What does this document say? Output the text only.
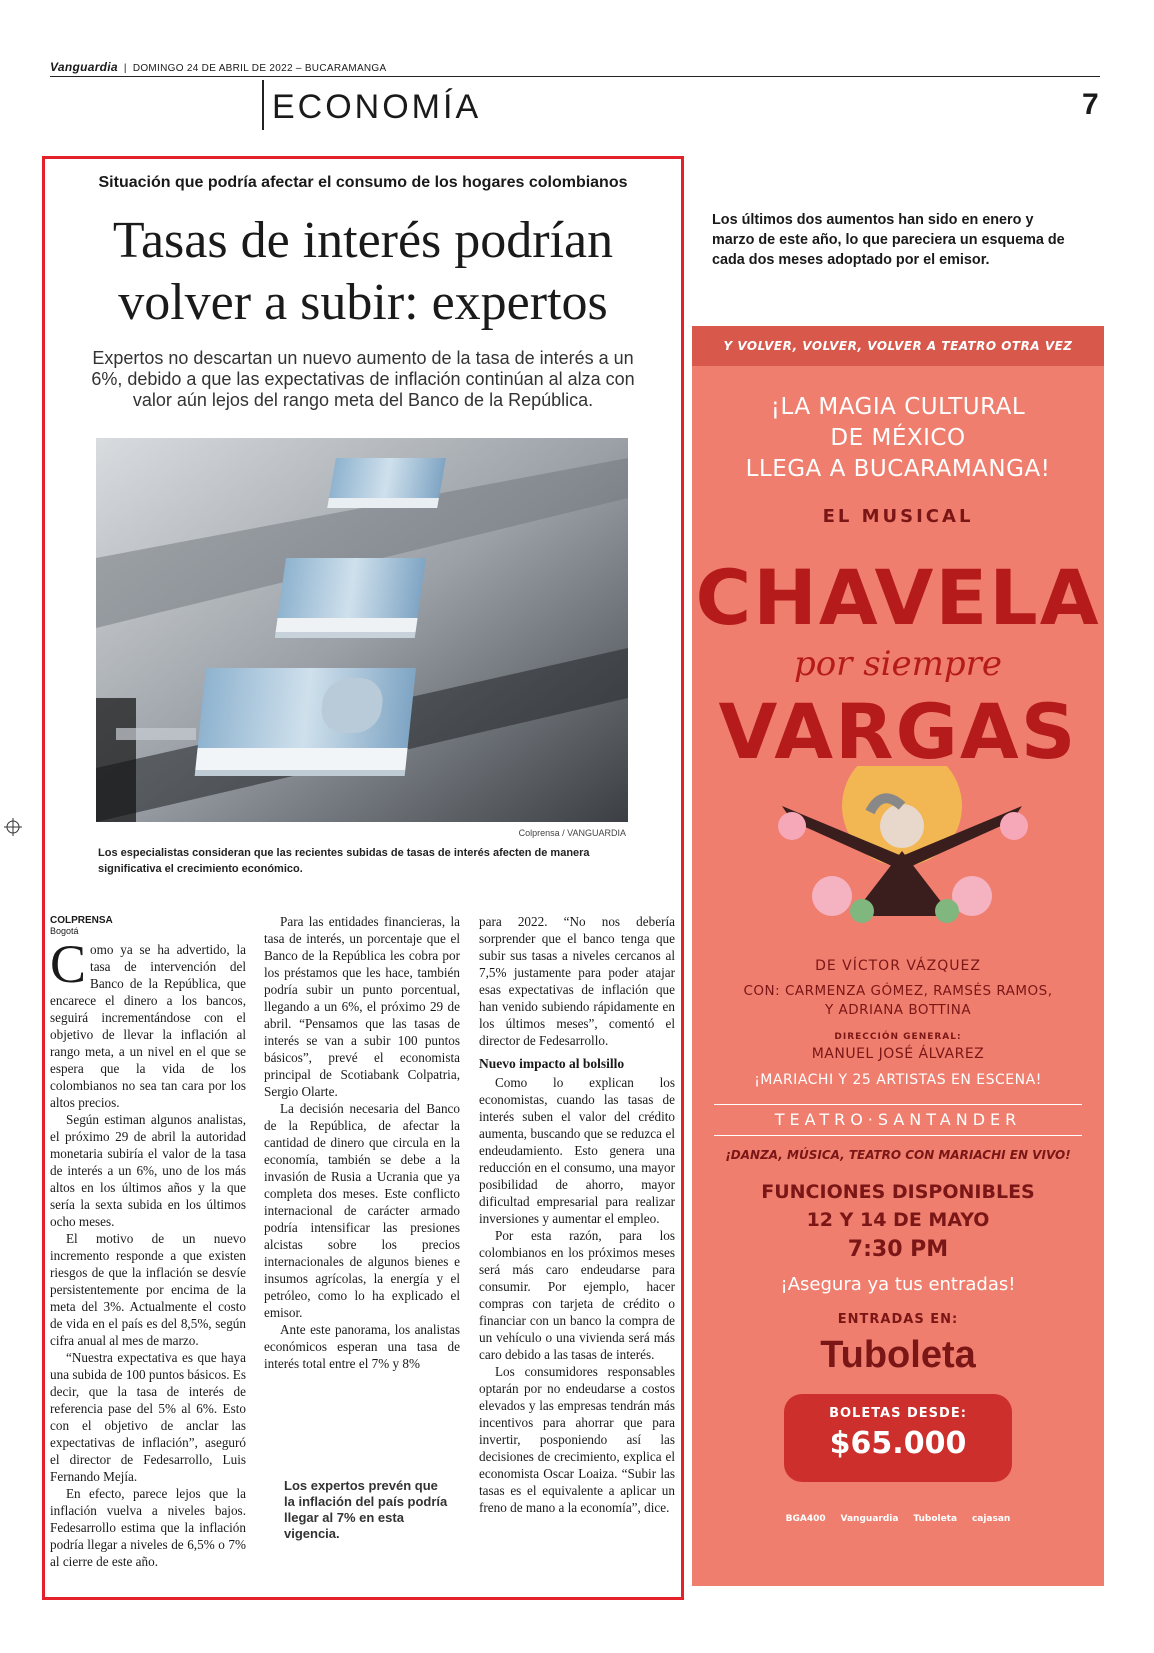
Vanguardia | DOMINGO 24 DE ABRIL DE 2022 – BUCARAMANGA
ECONOMÍA	7
Situación que podría afectar el consumo de los hogares colombianos
Tasas de interés podrían
volver a subir: expertos
Expertos no descartan un nuevo aumento de la tasa de interés a un 6%, debido a que las expectativas de inflación continúan al alza con valor aún lejos del rango meta del Banco de la República.
Colprensa / VANGUARDIA
Los especialistas consideran que las recientes subidas de tasas de interés afecten de manera significativa el crecimiento económico.
COLPRENSA
Bogotá

Como ya se ha advertido, la tasa de intervención del Banco de la República, que encarece el dinero a los bancos, seguirá incrementándose con el objetivo de llevar la inflación al rango meta, a un nivel en el que se espera que la vida de los colombianos no sea tan cara por los altos precios.

Según estiman algunos analistas, el próximo 29 de abril la autoridad monetaria subiría el valor de la tasa de interés a un 6%, uno de los más altos en los últimos años y la que sería la sexta subida en los últimos ocho meses.

El motivo de un nuevo incremento responde a que existen riesgos de que la inflación se desvíe persistentemente por encima de la meta del 3%. Actualmente el costo de vida en el país es del 8,5%, según cifra anual al mes de marzo.

“Nuestra expectativa es que haya una subida de 100 puntos básicos. Es decir, que la tasa de interés de referencia pase del 5% al 6%. Esto con el objetivo de anclar las expectativas de inflación”, aseguró el director de Fedesarrollo, Luis Fernando Mejía.

En efecto, parece lejos que la inflación vuelva a niveles bajos. Fedesarrollo estima que la inflación podría llegar a niveles de 6,5% o 7% al cierre de este año.

Para las entidades financieras, la tasa de interés, un porcentaje que el Banco de la República les cobra por los préstamos que les hace, también podría subir un punto porcentual, llegando a un 6%, el próximo 29 de abril. “Pensamos que las tasas de interés se van a subir 100 puntos básicos”, prevé el economista principal de Scotiabank Colpatria, Sergio Olarte.

La decisión necesaria del Banco de la República, de afectar la cantidad de dinero que circula en la economía, también se debe a la invasión de Rusia a Ucrania que ya completa dos meses. Este conflicto internacional de carácter armado podría intensificar las presiones alcistas sobre los precios internacionales de algunos bienes e insumos agrícolas, la energía y el petróleo, como lo ha explicado el emisor.

Ante este panorama, los analistas económicos esperan una tasa de interés total entre el 7% y 8%

Los expertos prevén que la inflación del país podría llegar al 7% en esta vigencia.

para 2022. “No nos debería sorprender que el banco tenga que subir sus tasas a niveles cercanos al 7,5% justamente para poder atajar esas expectativas de inflación que han venido subiendo rápidamente en los últimos meses”, comentó el director de Fedesarrollo.

Nuevo impacto al bolsillo

Como lo explican los economistas, cuando las tasas de interés suben el valor del crédito aumenta, buscando que se reduzca el endeudamiento. Esto genera una reducción en el consumo, una mayor posibilidad de ahorro, mayor dificultad empresarial para realizar inversiones y aumentar el empleo.

Por esta razón, para los colombianos en los próximos meses será más caro endeudarse para consumir. Por ejemplo, hacer compras con tarjeta de crédito o financiar con un banco la compra de un vehículo o una vivienda será más caro debido a las tasas de interés.

Los consumidores responsables optarán por no endeudarse a costos elevados y las empresas tendrán más incentivos para ahorrar que para invertir, posponiendo así las decisiones de crecimiento, explica el economista Oscar Loaiza. “Subir las tasas es el equivalente a aplicar un freno de mano a la economía”, dice.

Los últimos dos aumentos han sido en enero y marzo de este año, lo que pareciera un esquema de cada dos meses adoptado por el emisor.
Y VOLVER, VOLVER, VOLVER A TEATRO OTRA VEZ
¡LA MAGIA CULTURAL
DE MÉXICO
LLEGA A BUCARAMANGA!
EL MUSICAL
CHAVELA
por siempre
VARGAS
DE VÍCTOR VÁZQUEZ
CON: CARMENZA GÓMEZ, RAMSÉS RAMOS,
Y ADRIANA BOTTINA
DIRECCIÓN GENERAL:
MANUEL JOSÉ ÁLVAREZ
¡MARIACHI Y 25 ARTISTAS EN ESCENA!
TEATRO·SANTANDER
¡DANZA, MÚSICA, TEATRO CON MARIACHI EN VIVO!
FUNCIONES DISPONIBLES
12 Y 14 DE MAYO
7:30 PM
¡Asegura ya tus entradas!
ENTRADAS EN:
Tuboleta
BOLETAS DESDE:
$65.000
BGA400 Vanguardia Tuboleta cajasan
